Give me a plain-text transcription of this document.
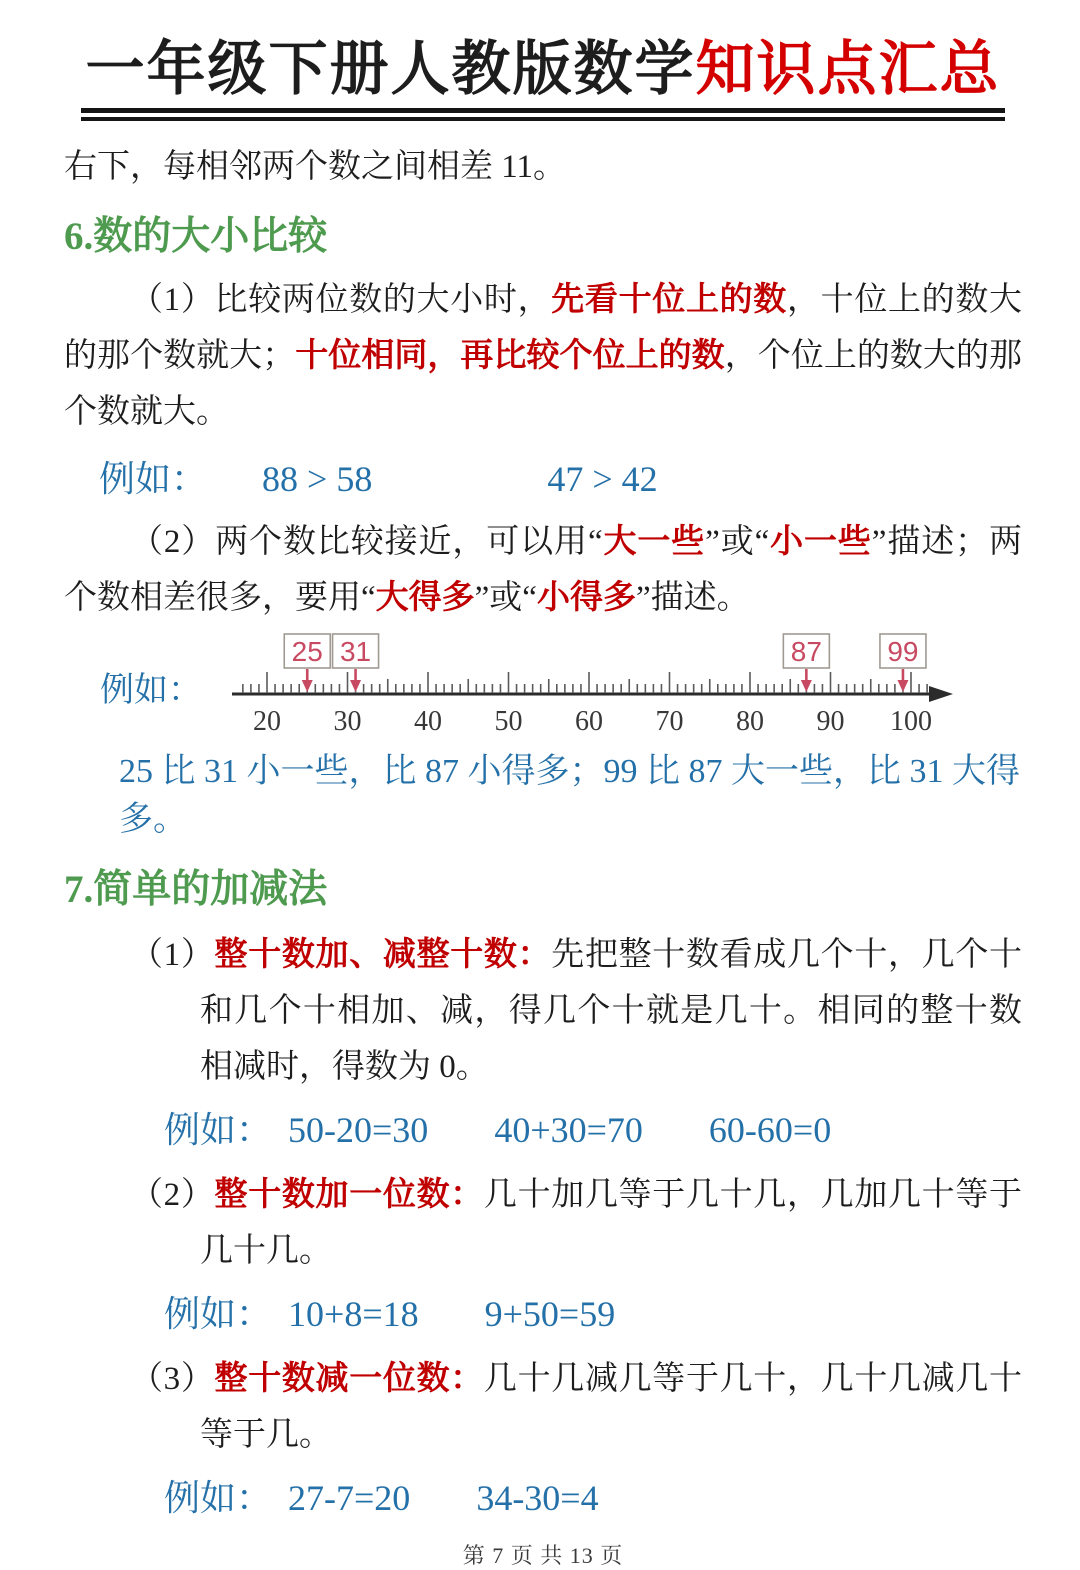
一年级下册人教版数学知识点汇总

右下，每相邻两个数之间相差 11。

6.数的大小比较

（1）比较两位数的大小时，先看十位上的数，十位上的数大的那个数就大；十位相同，再比较个位上的数，个位上的数大的那个数就大。

例如： 88 > 58	47 > 42

（2）两个数比较接近，可以用“大一些”或“小一些”描述；两个数相差很多，要用“大得多”或“小得多”描述。

例如：
20 30 40 50 60 70 80 90 100
25 31	87 99

25 比 31 小一些，比 87 小得多；99 比 87 大一些，比 31 大得多。

7.简单的加减法

（1）整十数加、减整十数：先把整十数看成几个十，几个十和几个十相加、减，得几个十就是几十。相同的整十数相减时，得数为 0。

例如： 50-20=30 40+30=70 60-60=0

（2）整十数加一位数：几十加几等于几十几，几加几十等于几十几。

例如： 10+8=18 9+50=59

（3）整十数减一位数：几十几减几等于几十，几十几减几十等于几。

例如： 27-7=20 34-30=4
第 7 页 共 13 页
